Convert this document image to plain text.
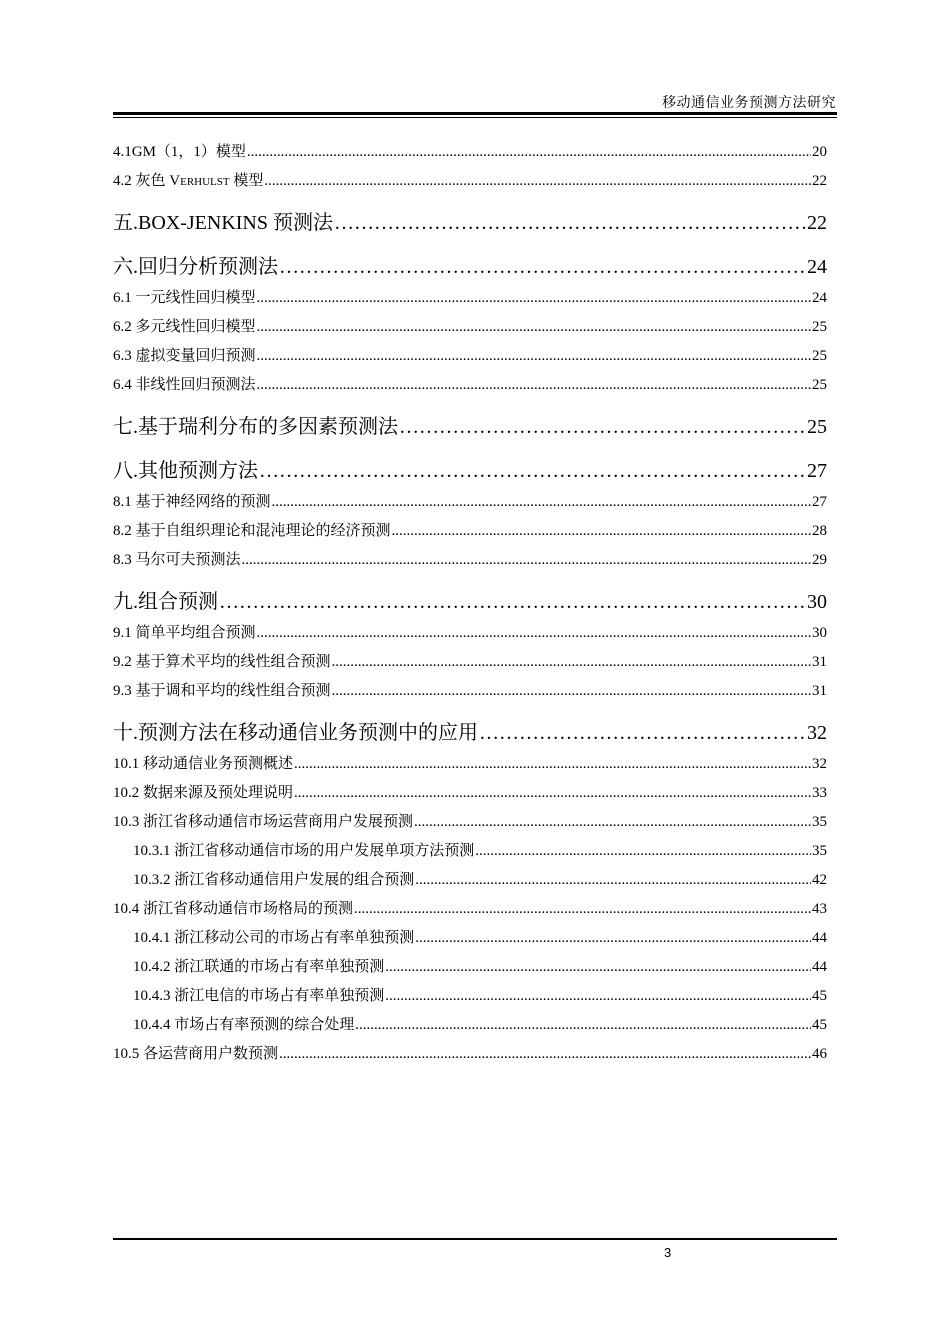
移动通信业务预测方法研究
4.1GM（1，1）模型 .....	20
4.2 灰色 Verhulst 模型 .....	22
五.BOX-JENKINS 预测法 ………………………………………………………………………………………………………………………………………………………………………………	22
六.回归分析预测法 ………………………………………………………………………………………………………………………………………………………………………………	24
6.1 一元线性回归模型 .....	24
6.2 多元线性回归模型 .....	25
6.3 虚拟变量回归预测 .....	25
6.4 非线性回归预测法 .....	25
七.基于瑞利分布的多因素预测法 ………………………………………………………………………………………………………………………………………………………………………………	25
八.其他预测方法 ………………………………………………………………………………………………………………………………………………………………………………	27
8.1 基于神经网络的预测 .....	27
8.2 基于自组织理论和混沌理论的经济预测 .....	28
8.3 马尔可夫预测法 .....	29
九.组合预测 ………………………………………………………………………………………………………………………………………………………………………………	30
9.1 简单平均组合预测 .....	30
9.2 基于算术平均的线性组合预测 .....	31
9.3 基于调和平均的线性组合预测 .....	31
十.预测方法在移动通信业务预测中的应用 ………………………………………………………………………………………………………………………………………………………………………………	32
10.1 移动通信业务预测概述 .....	32
10.2 数据来源及预处理说明 .....	33
10.3 浙江省移动通信市场运营商用户发展预测 .....	35
10.3.1 浙江省移动通信市场的用户发展单项方法预测 .....	35
10.3.2 浙江省移动通信用户发展的组合预测 .....	42
10.4 浙江省移动通信市场格局的预测 .....	43
10.4.1 浙江移动公司的市场占有率单独预测 .....	44
10.4.2 浙江联通的市场占有率单独预测 .....	44
10.4.3 浙江电信的市场占有率单独预测 .....	45
10.4.4 市场占有率预测的综合处理 .....	45
10.5 各运营商用户数预测 .....	46
3
